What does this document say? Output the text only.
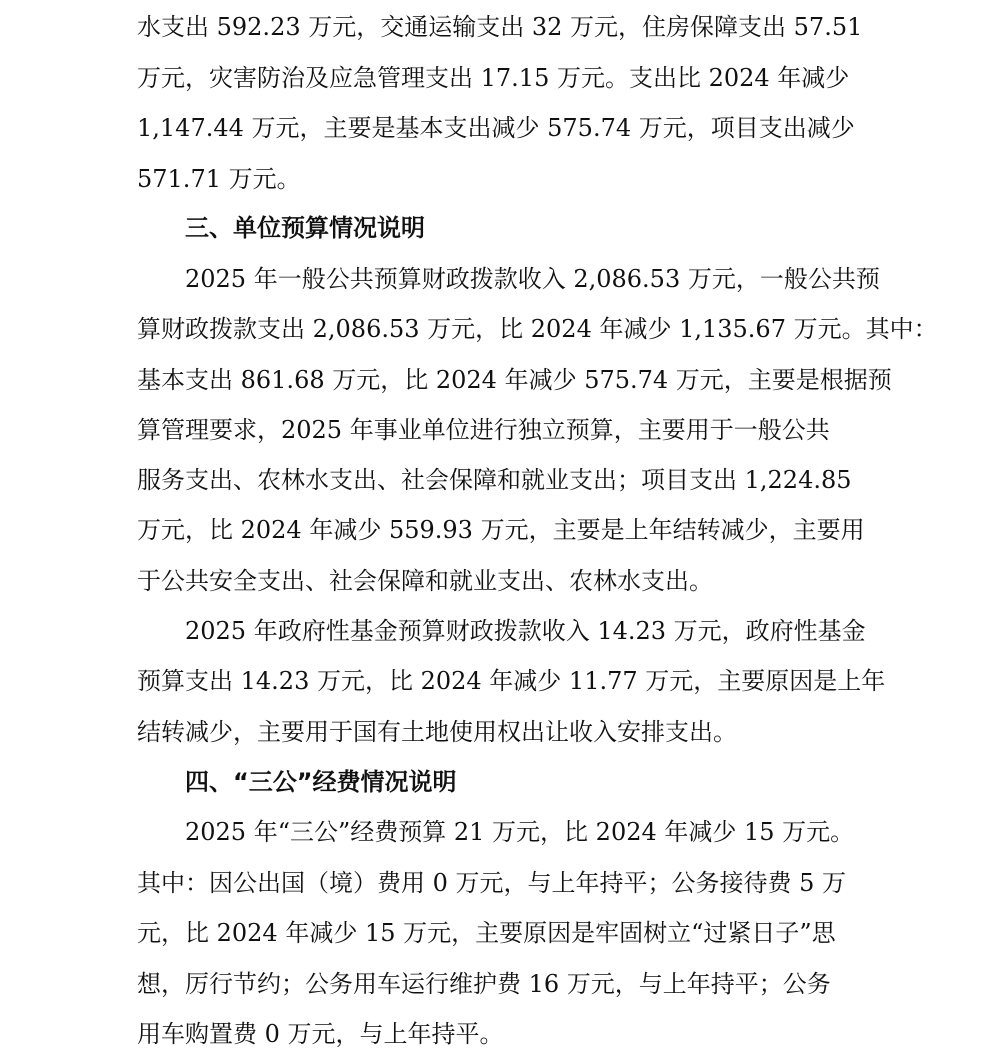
水支出 592.23 万元，交通运输支出 32 万元，住房保障支出 57.51
万元，灾害防治及应急管理支出 17.15 万元。支出比 2024 年减少
1,147.44 万元，主要是基本支出减少 575.74 万元，项目支出减少
571.71 万元。
三、单位预算情况说明
2025 年一般公共预算财政拨款收入 2,086.53 万元，一般公共预
算财政拨款支出 2,086.53 万元，比 2024 年减少 1,135.67 万元。其中：
基本支出 861.68 万元，比 2024 年减少 575.74 万元，主要是根据预
算管理要求，2025 年事业单位进行独立预算，主要用于一般公共
服务支出、农林水支出、社会保障和就业支出；项目支出 1,224.85
万元，比 2024 年减少 559.93 万元，主要是上年结转减少，主要用
于公共安全支出、社会保障和就业支出、农林水支出。
2025 年政府性基金预算财政拨款收入 14.23 万元，政府性基金
预算支出 14.23 万元，比 2024 年减少 11.77 万元，主要原因是上年
结转减少，主要用于国有土地使用权出让收入安排支出。
四、“三公”经费情况说明
2025 年“三公”经费预算 21 万元，比 2024 年减少 15 万元。
其中：因公出国（境）费用 0 万元，与上年持平；公务接待费 5 万
元，比 2024 年减少 15 万元，主要原因是牢固树立“过紧日子”思
想，厉行节约；公务用车运行维护费 16 万元，与上年持平；公务
用车购置费 0 万元，与上年持平。
